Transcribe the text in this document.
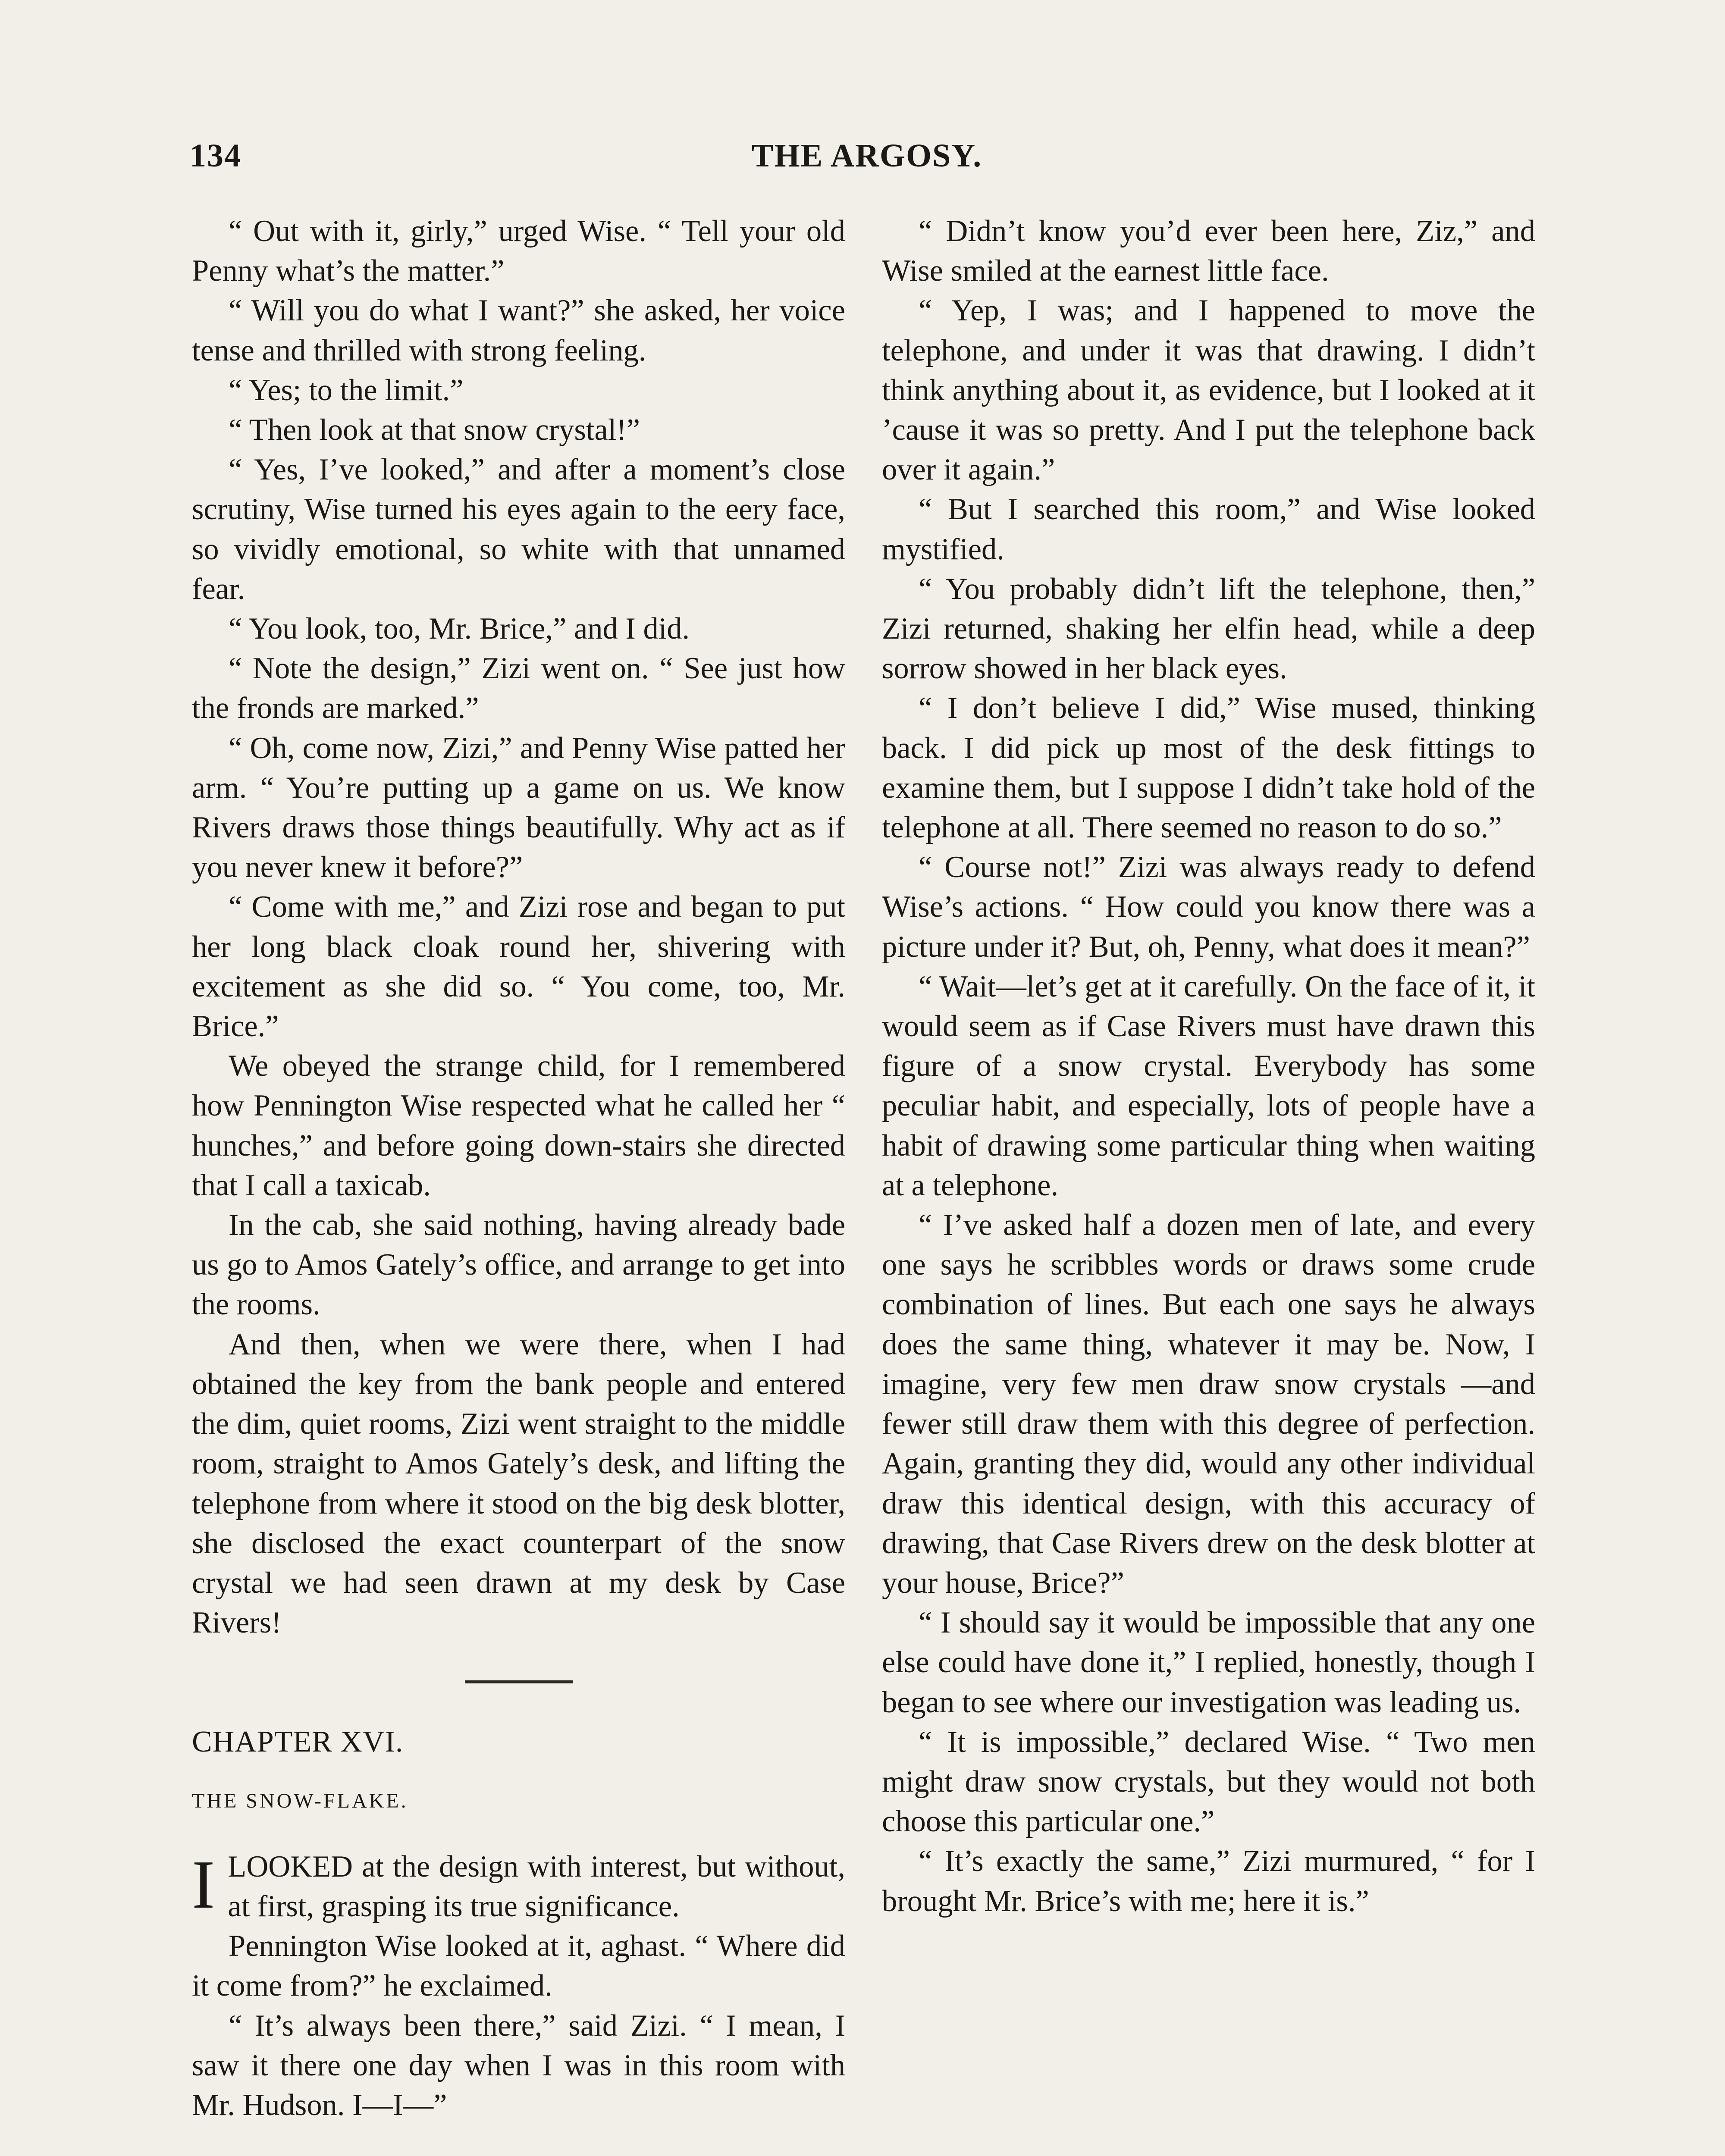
134	THE ARGOSY.

“ Out with it, girly,” urged Wise. “ Tell your old Penny what’s the matter.”

“ Will you do what I want?” she asked, her voice tense and thrilled with strong feeling.

“ Yes; to the limit.”

“ Then look at that snow crystal!”

“ Yes, I’ve looked,” and after a moment’s close scrutiny, Wise turned his eyes again to the eery face, so vividly emotional, so white with that unnamed fear.

“ You look, too, Mr. Brice,” and I did.

“ Note the design,” Zizi went on. “ See just how the fronds are marked.”

“ Oh, come now, Zizi,” and Penny Wise patted her arm. “ You’re putting up a game on us. We know Rivers draws those things beautifully. Why act as if you never knew it before?”

“ Come with me,” and Zizi rose and began to put her long black cloak round her, shivering with excitement as she did so. “ You come, too, Mr. Brice.”

We obeyed the strange child, for I remembered how Pennington Wise respected what he called her “ hunches,” and before going down-stairs she directed that I call a taxicab.

In the cab, she said nothing, having already bade us go to Amos Gately’s office, and arrange to get into the rooms.

And then, when we were there, when I had obtained the key from the bank people and entered the dim, quiet rooms, Zizi went straight to the middle room, straight to Amos Gately’s desk, and lifting the telephone from where it stood on the big desk blotter, she disclosed the exact counterpart of the snow crystal we had seen drawn at my desk by Case Rivers!

CHAPTER XVI.

THE SNOW-FLAKE.

ILOOKED at the design with interest, but without, at first, grasping its true significance.

Pennington Wise looked at it, aghast. “ Where did it come from?” he exclaimed.

“ It’s always been there,” said Zizi. “ I mean, I saw it there one day when I was in this room with Mr. Hudson. I—I—”

“ Didn’t know you’d ever been here, Ziz,” and Wise smiled at the earnest little face.

“ Yep, I was; and I happened to move the telephone, and under it was that drawing. I didn’t think anything about it, as evidence, but I looked at it ’cause it was so pretty. And I put the telephone back over it again.”

“ But I searched this room,” and Wise looked mystified.

“ You probably didn’t lift the telephone, then,” Zizi returned, shaking her elfin head, while a deep sorrow showed in her black eyes.

“ I don’t believe I did,” Wise mused, thinking back. I did pick up most of the desk fittings to examine them, but I suppose I didn’t take hold of the telephone at all. There seemed no reason to do so.”

“ Course not!” Zizi was always ready to defend Wise’s actions. “ How could you know there was a picture under it? But, oh, Penny, what does it mean?”

“ Wait—let’s get at it carefully. On the face of it, it would seem as if Case Rivers must have drawn this figure of a snow crystal. Everybody has some peculiar habit, and especially, lots of people have a habit of drawing some particular thing when waiting at a telephone.

“ I’ve asked half a dozen men of late, and every one says he scribbles words or draws some crude combination of lines. But each one says he always does the same thing, whatever it may be. Now, I imagine, very few men draw snow crystals —and fewer still draw them with this degree of perfection. Again, granting they did, would any other individual draw this identical design, with this accuracy of drawing, that Case Rivers drew on the desk blotter at your house, Brice?”

“ I should say it would be impossible that any one else could have done it,” I replied, honestly, though I began to see where our investigation was leading us.

“ It is impossible,” declared Wise. “ Two men might draw snow crystals, but they would not both choose this particular one.”

“ It’s exactly the same,” Zizi murmured, “ for I brought Mr. Brice’s with me; here it is.”
